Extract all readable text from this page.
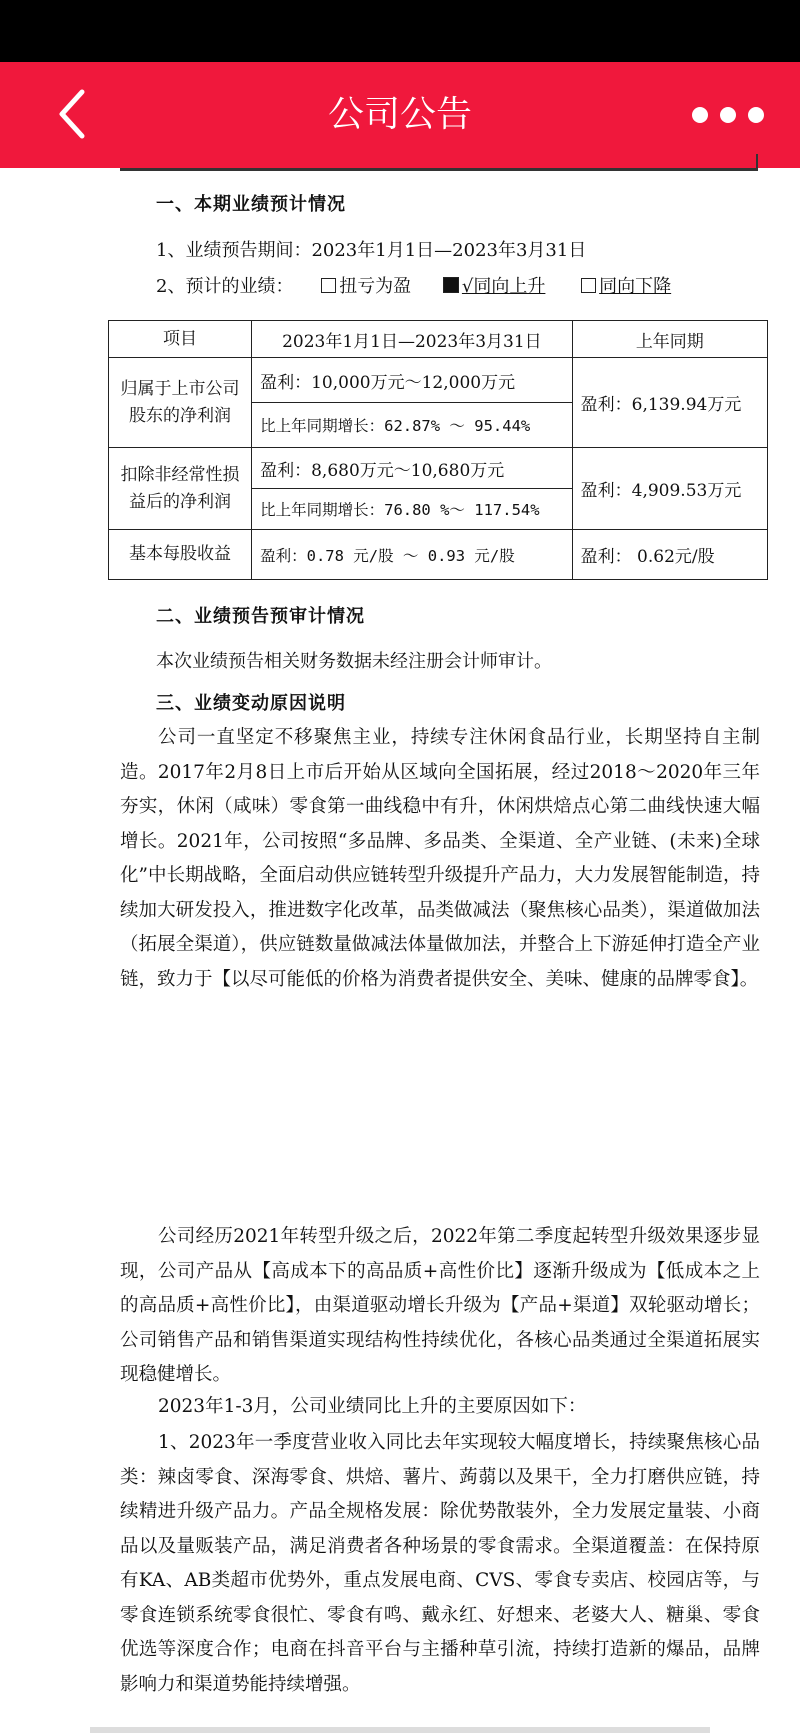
公司公告
一、本期业绩预计情况
1、业绩预告期间：2023年1月1日—2023年3月31日
2、预计的业绩：	扭亏为盈	√同向上升	同向下降
项目	2023年1月1日—2023年3月31日	上年同期
归属于上市公司股东的净利润	盈利：10,000万元～12,000万元	盈利：6,139.94万元
	比上年同期增长：62.87% ～ 95.44%	
扣除非经常性损益后的净利润	盈利：8,680万元～10,680万元	盈利：4,909.53万元
	比上年同期增长：76.80 %～ 117.54%	
基本每股收益	盈利：0.78 元/股 ～ 0.93 元/股	盈利： 0.62元/股
二、业绩预告预审计情况
本次业绩预告相关财务数据未经注册会计师审计。
三、业绩变动原因说明
公司一直坚定不移聚焦主业，持续专注休闲食品行业，长期坚持自主制造。2017年2月8日上市后开始从区域向全国拓展，经过2018～2020年三年夯实，休闲（咸味）零食第一曲线稳中有升，休闲烘焙点心第二曲线快速大幅增长。2021年，公司按照“多品牌、多品类、全渠道、全产业链、(未来)全球化”中长期战略，全面启动供应链转型升级提升产品力，大力发展智能制造，持续加大研发投入，推进数字化改革，品类做减法（聚焦核心品类），渠道做加法（拓展全渠道），供应链数量做减法体量做加法，并整合上下游延伸打造全产业链，致力于【以尽可能低的价格为消费者提供安全、美味、健康的品牌零食】。
公司经历2021年转型升级之后，2022年第二季度起转型升级效果逐步显现，公司产品从【高成本下的高品质+高性价比】逐渐升级成为【低成本之上的高品质+高性价比】，由渠道驱动增长升级为【产品+渠道】双轮驱动增长；公司销售产品和销售渠道实现结构性持续优化，各核心品类通过全渠道拓展实现稳健增长。
2023年1-3月，公司业绩同比上升的主要原因如下：
1、2023年一季度营业收入同比去年实现较大幅度增长，持续聚焦核心品类：辣卤零食、深海零食、烘焙、薯片、蒟蒻以及果干，全力打磨供应链，持续精进升级产品力。产品全规格发展：除优势散装外，全力发展定量装、小商品以及量贩装产品，满足消费者各种场景的零食需求。全渠道覆盖：在保持原有KA、AB类超市优势外，重点发展电商、CVS、零食专卖店、校园店等，与零食连锁系统零食很忙、零食有鸣、戴永红、好想来、老婆大人、糖巢、零食优选等深度合作；电商在抖音平台与主播种草引流，持续打造新的爆品，品牌影响力和渠道势能持续增强。
